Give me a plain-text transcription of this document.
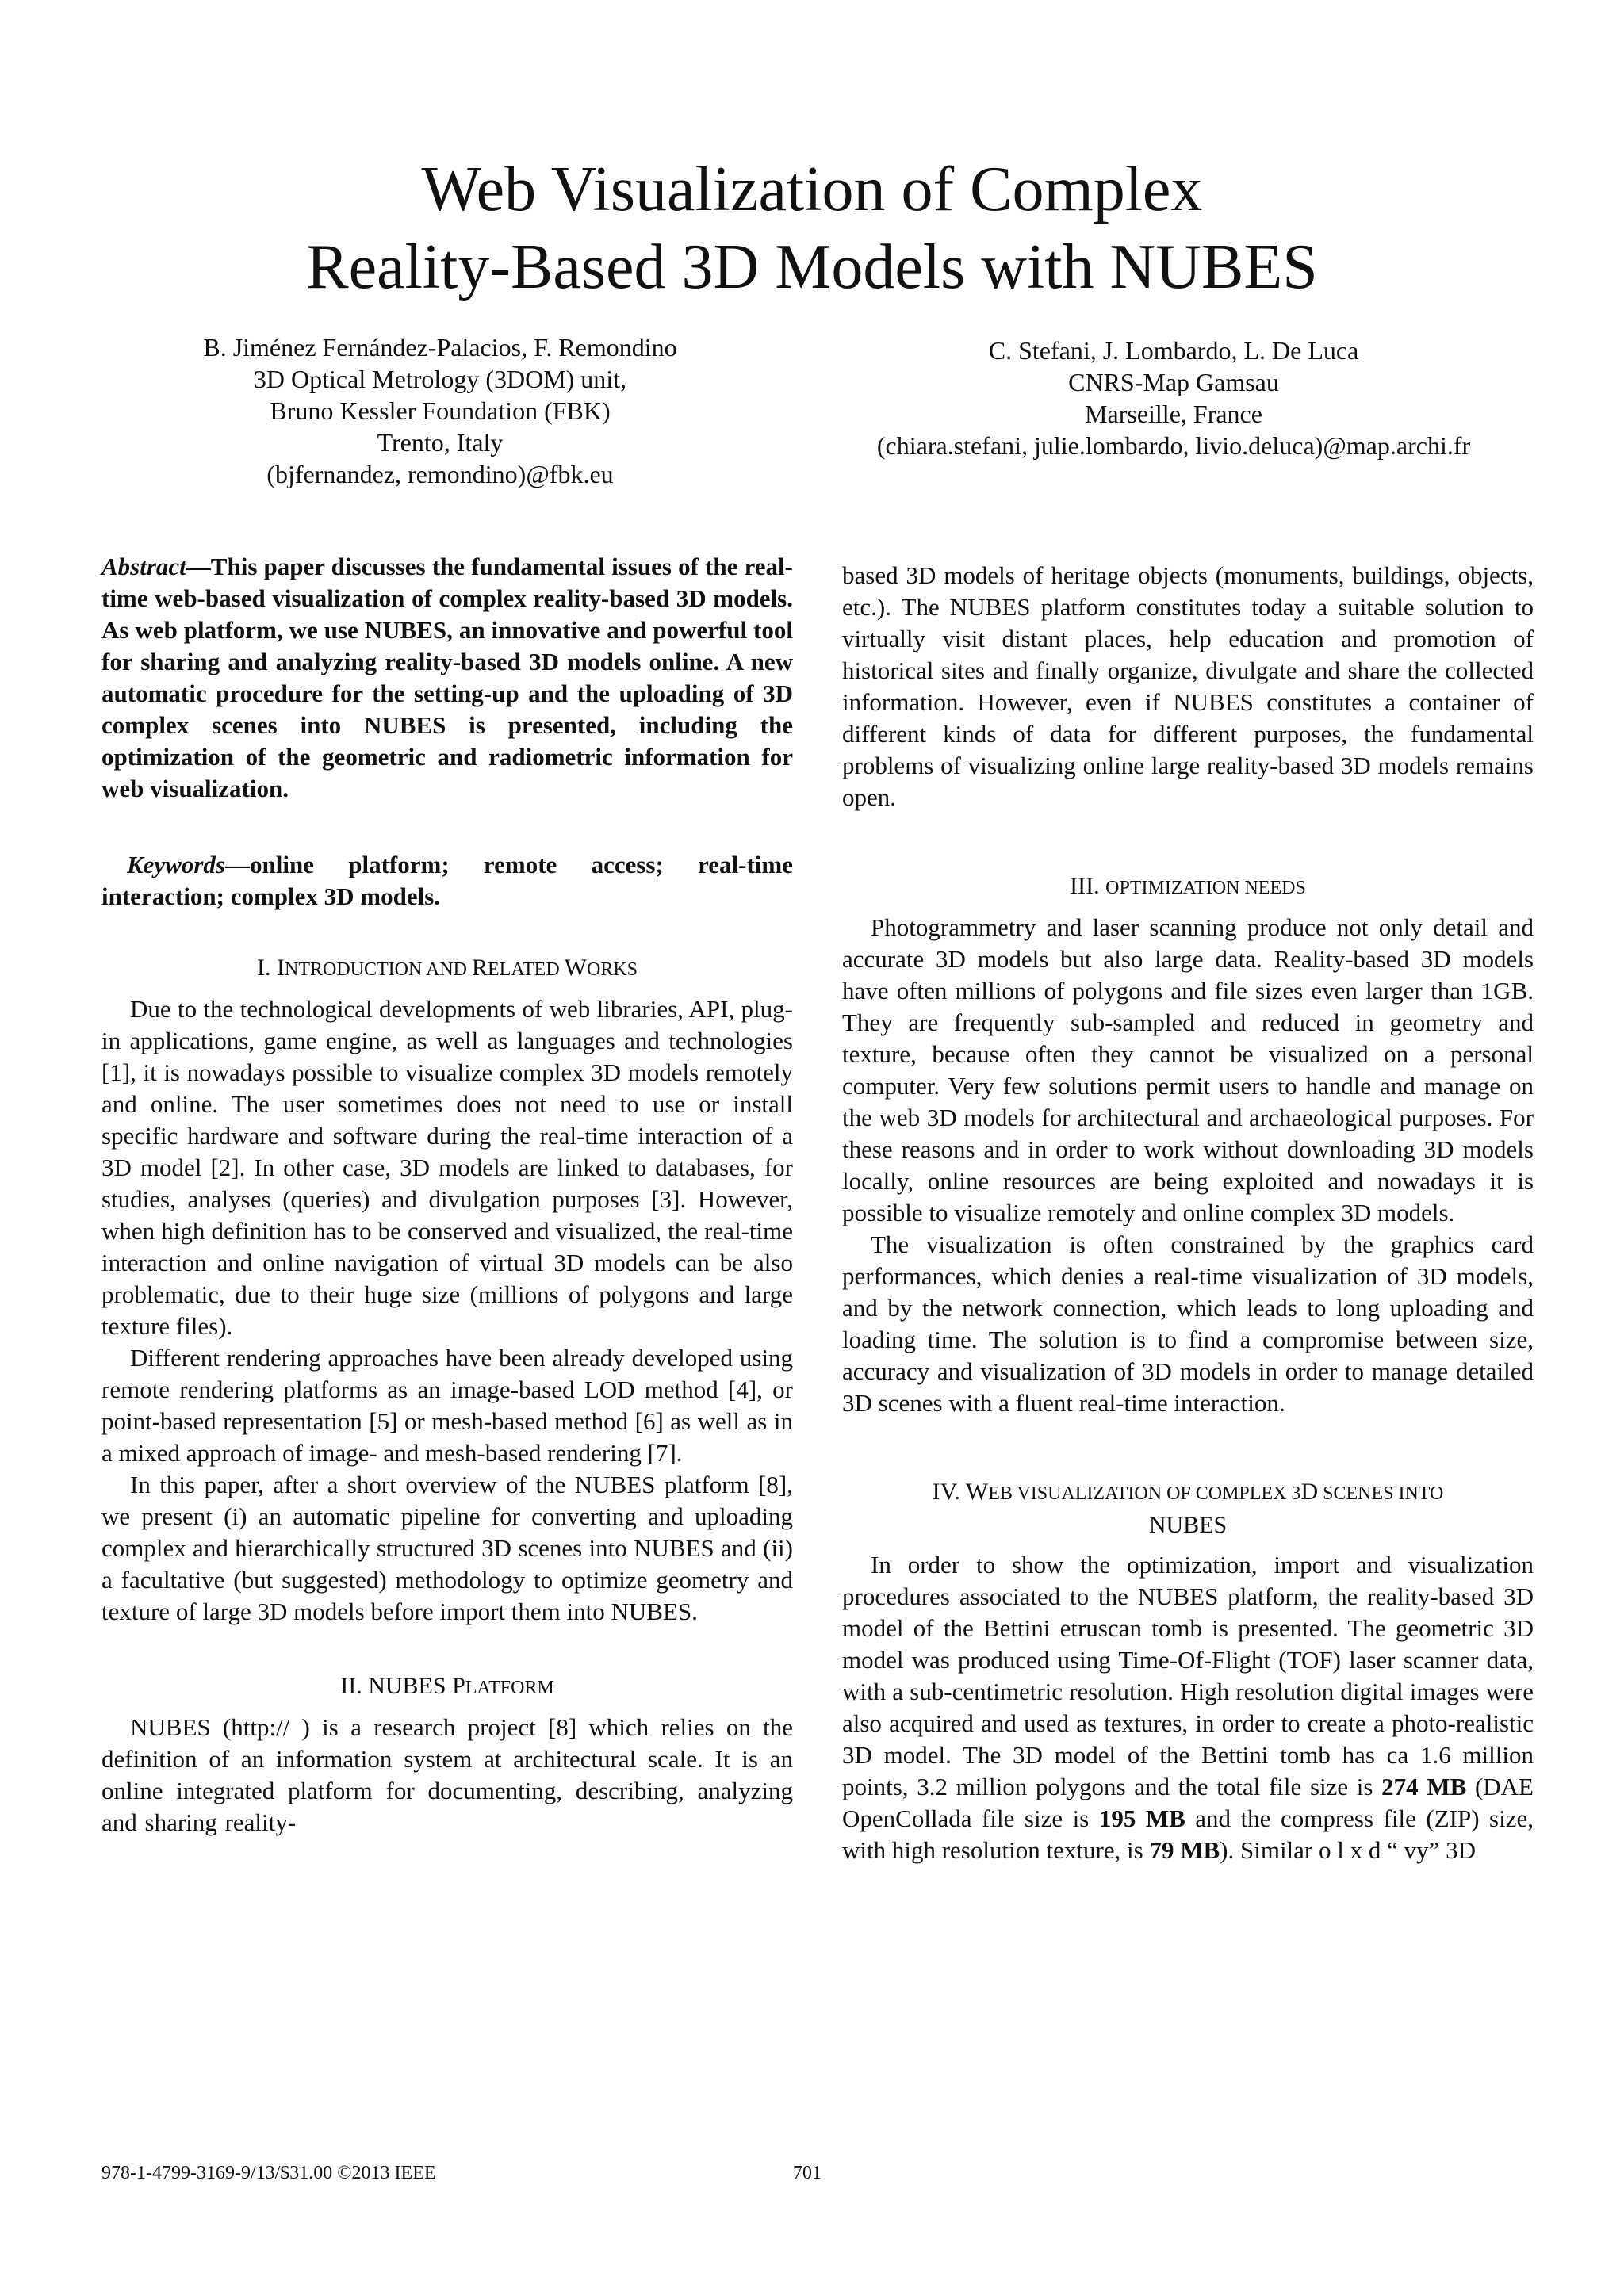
Web Visualization of Complex
Reality-Based 3D Models with NUBES
B. Jiménez Fernández-Palacios, F. Remondino
3D Optical Metrology (3DOM) unit,
Bruno Kessler Foundation (FBK)
Trento, Italy
(bjfernandez, remondino)@fbk.eu
C. Stefani, J. Lombardo, L. De Luca
CNRS-Map Gamsau
Marseille, France
(chiara.stefani, julie.lombardo, livio.deluca)@map.archi.fr

Abstract—This paper discusses the fundamental issues of the real-time web-based visualization of complex reality-based 3D models. As web platform, we use NUBES, an innovative and powerful tool for sharing and analyzing reality-based 3D models online. A new automatic procedure for the setting-up and the uploading of 3D complex scenes into NUBES is presented, including the optimization of the geometric and radiometric information for web visualization.

Keywords—online platform; remote access; real-time interaction; complex 3D models.

I. INTRODUCTION AND RELATED WORKS

Due to the technological developments of web libraries, API, plug-in applications, game engine, as well as languages and technologies [1], it is nowadays possible to visualize complex 3D models remotely and online. The user sometimes does not need to use or install specific hardware and software during the real-time interaction of a 3D model [2]. In other case, 3D models are linked to databases, for studies, analyses (queries) and divulgation purposes [3]. However, when high definition has to be conserved and visualized, the real-time interaction and online navigation of virtual 3D models can be also problematic, due to their huge size (millions of polygons and large texture files).

Different rendering approaches have been already developed using remote rendering platforms as an image-based LOD method [4], or point-based representation [5] or mesh-based method [6] as well as in a mixed approach of image- and mesh-based rendering [7].

In this paper, after a short overview of the NUBES platform [8], we present (i) an automatic pipeline for converting and uploading complex and hierarchically structured 3D scenes into NUBES and (ii) a facultative (but suggested) methodology to optimize geometry and texture of large 3D models before import them into NUBES.

II. NUBES PLATFORM

NUBES (http:// ) is a research project [8] which relies on the definition of an information system at architectural scale. It is an online integrated platform for documenting, describing, analyzing and sharing reality-

based 3D models of heritage objects (monuments, buildings, objects, etc.). The NUBES platform constitutes today a suitable solution to virtually visit distant places, help education and promotion of historical sites and finally organize, divulgate and share the collected information. However, even if NUBES constitutes a container of different kinds of data for different purposes, the fundamental problems of visualizing online large reality-based 3D models remains open.

III. OPTIMIZATION NEEDS

Photogrammetry and laser scanning produce not only detail and accurate 3D models but also large data. Reality-based 3D models have often millions of polygons and file sizes even larger than 1GB. They are frequently sub-sampled and reduced in geometry and texture, because often they cannot be visualized on a personal computer. Very few solutions permit users to handle and manage on the web 3D models for architectural and archaeological purposes. For these reasons and in order to work without downloading 3D models locally, online resources are being exploited and nowadays it is possible to visualize remotely and online complex 3D models.

The visualization is often constrained by the graphics card performances, which denies a real-time visualization of 3D models, and by the network connection, which leads to long uploading and loading time. The solution is to find a compromise between size, accuracy and visualization of 3D models in order to manage detailed 3D scenes with a fluent real-time interaction.

IV. WEB VISUALIZATION OF COMPLEX 3D SCENES INTO
NUBES

In order to show the optimization, import and visualization procedures associated to the NUBES platform, the reality-based 3D model of the Bettini etruscan tomb is presented. The geometric 3D model was produced using Time-Of-Flight (TOF) laser scanner data, with a sub-centimetric resolution. High resolution digital images were also acquired and used as textures, in order to create a photo-realistic 3D model. The 3D model of the Bettini tomb has ca 1.6 million points, 3.2 million polygons and the total file size is 274 MB (DAE OpenCollada file size is 195 MB and the compress file (ZIP) size, with high resolution texture, is 79 MB). Similar o l x d “ vy” 3D

978-1-4799-3169-9/13/$31.00 ©2013 IEEE	701
